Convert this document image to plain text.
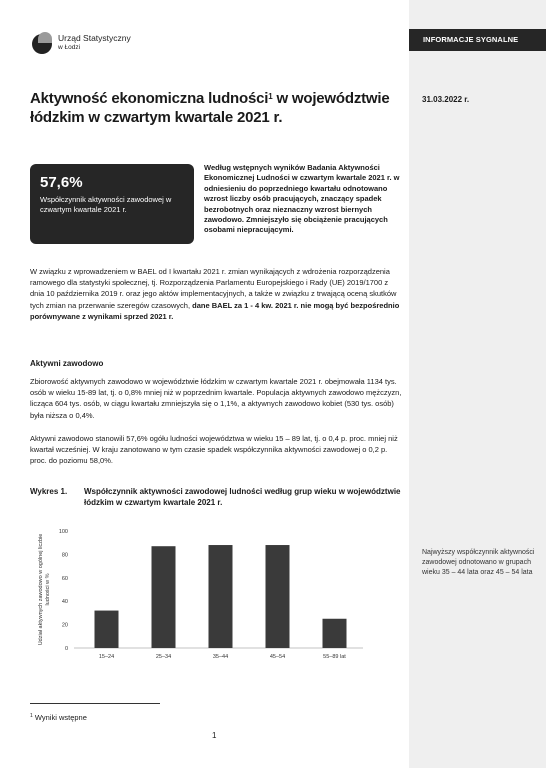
INFORMACJE SYGNALNE
31.03.2022 r.
Urząd Statystyczny
w Łodzi
Aktywność ekonomiczna ludności$^1$ w województwie łódzkim w czwartym kwartale 2021 r.
57,6%
Współczynnik aktywności zawodowej w czwartym kwartale 2021 r.

Według wstępnych wyników Badania Aktywności Ekonomicznej Ludności w czwartym kwartale 2021 r. w odniesieniu do poprzedniego kwartału odnotowano wzrost liczby osób pracujących, znaczący spadek bezrobotnych oraz nieznaczny wzrost biernych zawodowo. Zmniejszyło się obciążenie pracujących osobami niepracującymi.

W związku z wprowadzeniem w BAEL od I kwartału 2021 r. zmian wynikających z wdrożenia rozporządzenia ramowego dla statystyki społecznej, tj. Rozporządzenia Parlamentu Europejskiego i Rady (UE) 2019/1700 z dnia 10 października 2019 r. oraz jego aktów implementacyjnych, a także w związku z trwającą oceną skutków tych zmian na przerwanie szeregów czasowych, dane BAEL za 1 - 4 kw. 2021 r. nie mogą być bezpośrednio porównywane z wynikami sprzed 2021 r.

Aktywni zawodowo

Zbiorowość aktywnych zawodowo w województwie łódzkim w czwartym kwartale 2021 r. obejmowała 1134 tys. osób w wieku 15-89 lat, tj. o 0,8% mniej niż w poprzednim kwartale. Populacja aktywnych zawodowo mężczyzn, licząca 604 tys. osób, w ciągu kwartału zmniejszyła się o 1,1%, a aktywnych zawodowo kobiet (530 tys. osób) była niższa o 0,4%.

Aktywni zawodowo stanowili 57,6% ogółu ludności województwa w wieku 15 – 89 lat, tj. o 0,4 p. proc. mniej niż kwartał wcześniej. W kraju zanotowano w tym czasie spadek współczynnika aktywności zawodowej o 0,2 p. proc. do poziomu 58,0%.

Wykres 1. Współczynnik aktywności zawodowej ludności według grup wieku w województwie
łódzkim w czwartym kwartale 2021 r.
Udział aktywnych zawodowo w ogólnej liczbieludności w %
0
20
40
60
80
100
15–24	25–34	35–44	45–54	55–89 lat
Najwyższy współczynnik aktywności zawodowej odnotowano w grupach wieku 35 – 44 lata oraz 45 – 54 lata
$^1$ Wyniki wstępne
1
